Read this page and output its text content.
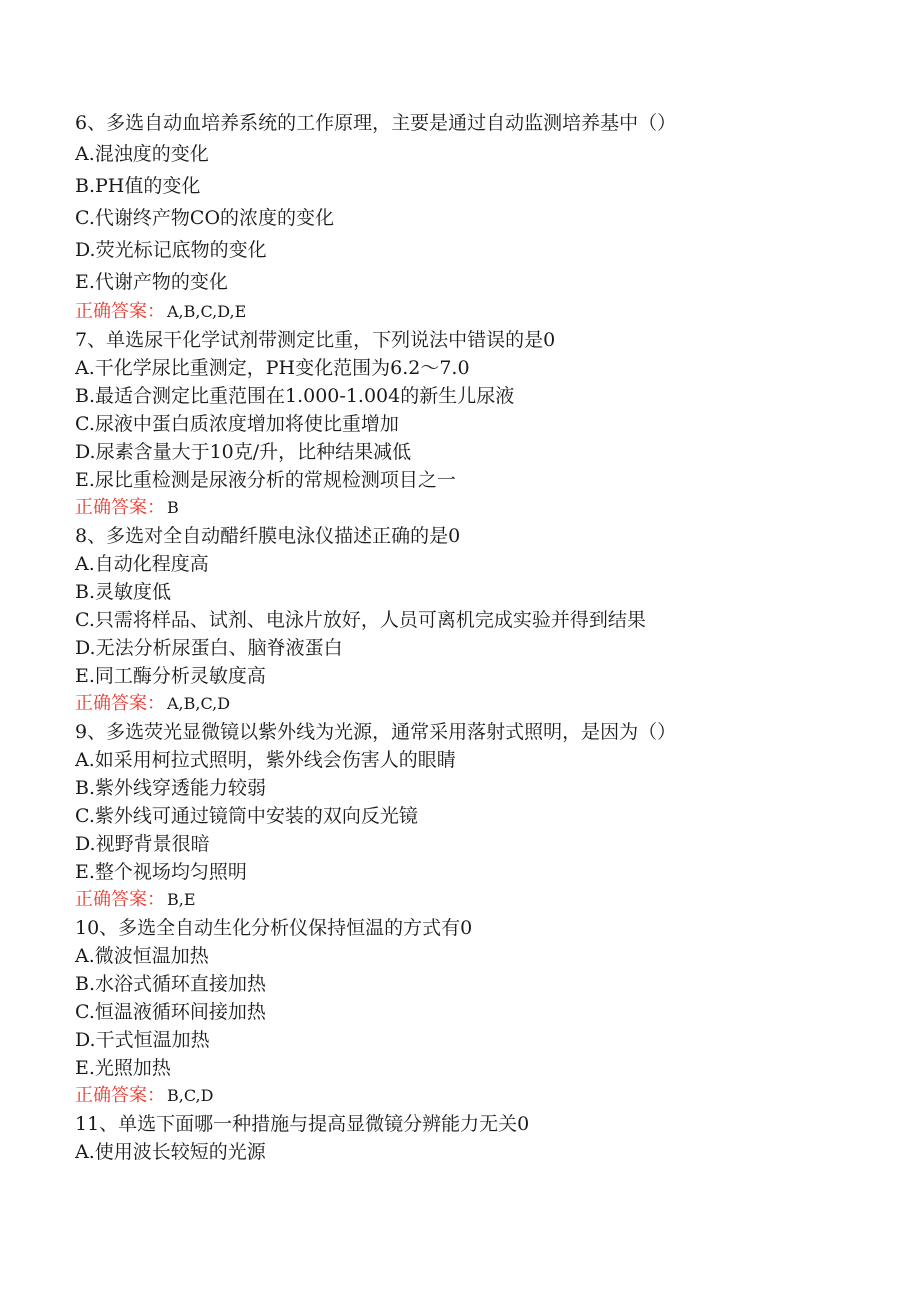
6、多选自动血培养系统的工作原理，主要是通过自动监测培养基中（）
A.混浊度的变化
B.PH值的变化
C.代谢终产物CO的浓度的变化
D.荧光标记底物的变化
E.代谢产物的变化
正确答案： A,B,C,D,E
7、单选尿干化学试剂带测定比重，下列说法中错误的是0
A.干化学尿比重测定，PH变化范围为6.2～7.0
B.最适合测定比重范围在1.000-1.004的新生儿尿液
C.尿液中蛋白质浓度增加将使比重增加
D.尿素含量大于10克/升，比种结果减低
E.尿比重检测是尿液分析的常规检测项目之一
正确答案： B
8、多选对全自动醋纤膜电泳仪描述正确的是0
A.自动化程度高
B.灵敏度低
C.只需将样品、试剂、电泳片放好，人员可离机完成实验并得到结果
D.无法分析尿蛋白、脑脊液蛋白
E.同工酶分析灵敏度高
正确答案： A,B,C,D
9、多选荧光显微镜以紫外线为光源，通常采用落射式照明，是因为（）
A.如采用柯拉式照明，紫外线会伤害人的眼睛
B.紫外线穿透能力较弱
C.紫外线可通过镜筒中安装的双向反光镜
D.视野背景很暗
E.整个视场均匀照明
正确答案： B,E
10、多选全自动生化分析仪保持恒温的方式有0
A.微波恒温加热
B.水浴式循环直接加热
C.恒温液循环间接加热
D.干式恒温加热
E.光照加热
正确答案： B,C,D
11、单选下面哪一种措施与提高显微镜分辨能力无关0
A.使用波长较短的光源
